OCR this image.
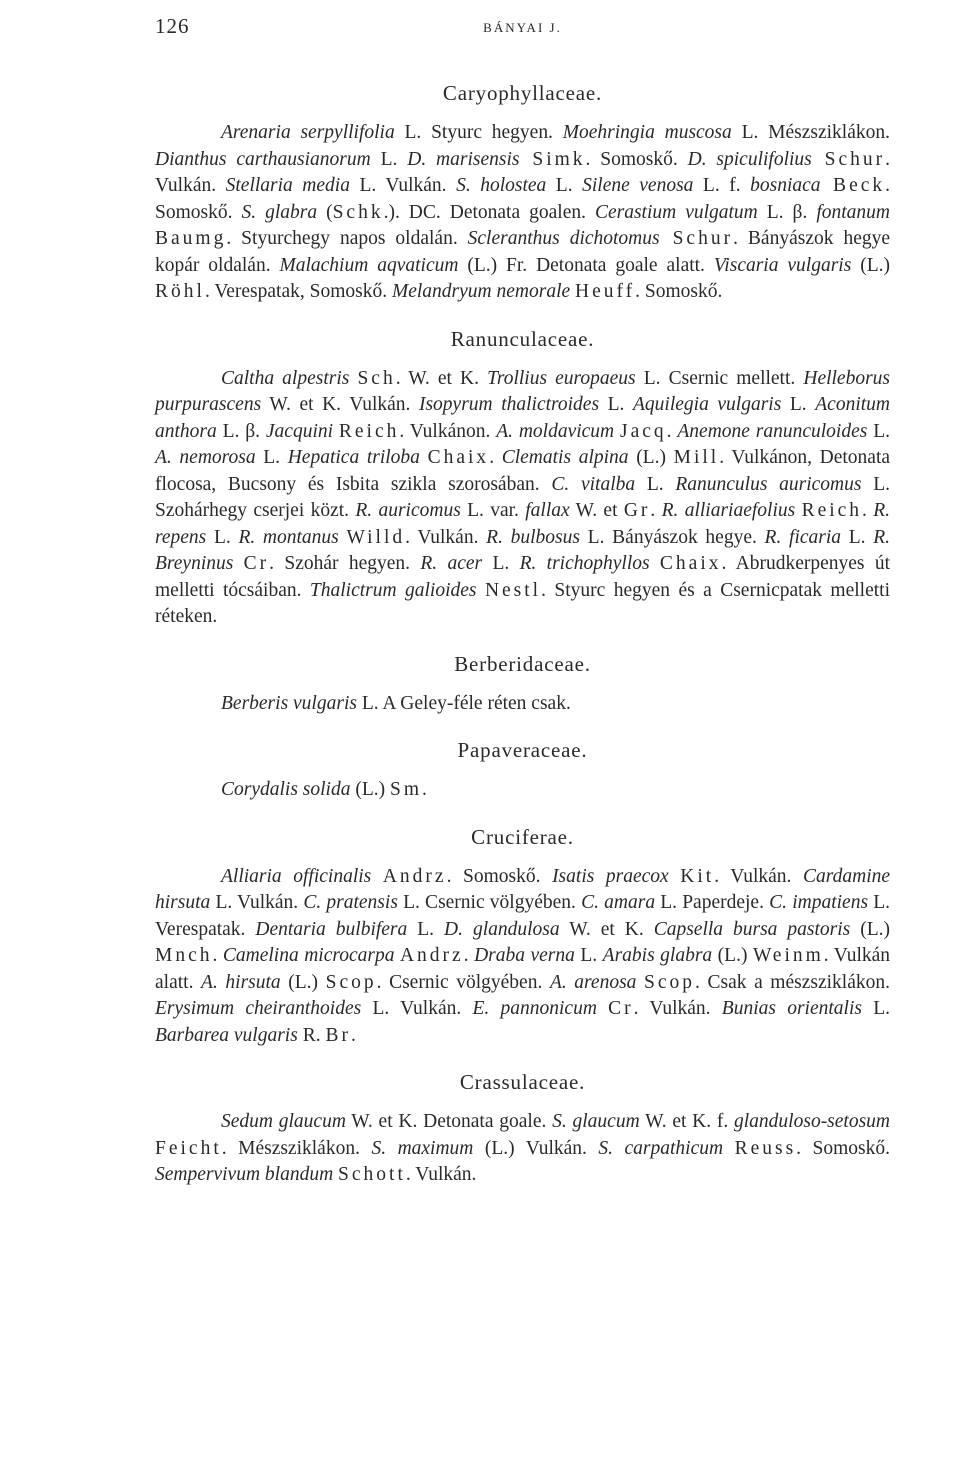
126	BÁNYAI J.
Caryophyllaceae.

Arenaria serpyllifolia L. Styurc hegyen. Moehringia muscosa L. Mészsziklákon. Dianthus carthausianorum L. D. marisensis Simk. Somoskő. D. spiculifolius Schur. Vulkán. Stellaria media L. Vulkán. S. holostea L. Silene venosa L. f. bosniaca Beck. Somoskő. S. glabra (Schk.). DC. Detonata goalen. Cerastium vulgatum L. β. fontanum Baumg. Styurchegy napos oldalán. Scleranthus dichotomus Schur. Bányászok hegye kopár oldalán. Malachium aqvaticum (L.) Fr. Detonata goale alatt. Viscaria vulgaris (L.) Röhl. Verespatak, Somoskő. Melandryum nemorale Heuff. Somoskő.

Ranunculaceae.

Caltha alpestris Sch. W. et K. Trollius europaeus L. Csernic mellett. Helleborus purpurascens W. et K. Vulkán. Isopyrum thalictroides L. Aquilegia vulgaris L. Aconitum anthora L. β. Jacquini Reich. Vulkánon. A. moldavicum Jacq. Anemone ranunculoides L. A. nemorosa L. Hepatica triloba Chaix. Clematis alpina (L.) Mill. Vulkánon, Detonata flocosa, Bucsony és Isbita szikla szorosában. C. vitalba L. Ranunculus auricomus L. Szohárhegy cserjei közt. R. auricomus L. var. fallax W. et Gr. R. alliariaefolius Reich. R. repens L. R. montanus Willd. Vulkán. R. bulbosus L. Bányászok hegye. R. ficaria L. R. Breyninus Cr. Szohár hegyen. R. acer L. R. trichophyllos Chaix. Abrudkerpenyes út melletti tócsáiban. Thalictrum galioides Nestl. Styurc hegyen és a Csernicpatak melletti réteken.

Berberidaceae.

Berberis vulgaris L. A Geley-féle réten csak.

Papaveraceae.

Corydalis solida (L.) Sm.

Cruciferae.

Alliaria officinalis Andrz. Somoskő. Isatis praecox Kit. Vulkán. Cardamine hirsuta L. Vulkán. C. pratensis L. Csernic völgyében. C. amara L. Paperdeje. C. impatiens L. Verespatak. Dentaria bulbifera L. D. glandulosa W. et K. Capsella bursa pastoris (L.) Mnch. Camelina microcarpa Andrz. Draba verna L. Arabis glabra (L.) Weinm. Vulkán alatt. A. hirsuta (L.) Scop. Csernic völgyében. A. arenosa Scop. Csak a mészsziklákon. Erysimum cheiranthoides L. Vulkán. E. pannonicum Cr. Vulkán. Bunias orientalis L. Barbarea vulgaris R. Br.

Crassulaceae.

Sedum glaucum W. et K. Detonata goale. S. glaucum W. et K. f. glanduloso-setosum Feicht. Mészsziklákon. S. maximum (L.) Vulkán. S. carpathicum Reuss. Somoskő. Sempervivum blandum Schott. Vulkán.
